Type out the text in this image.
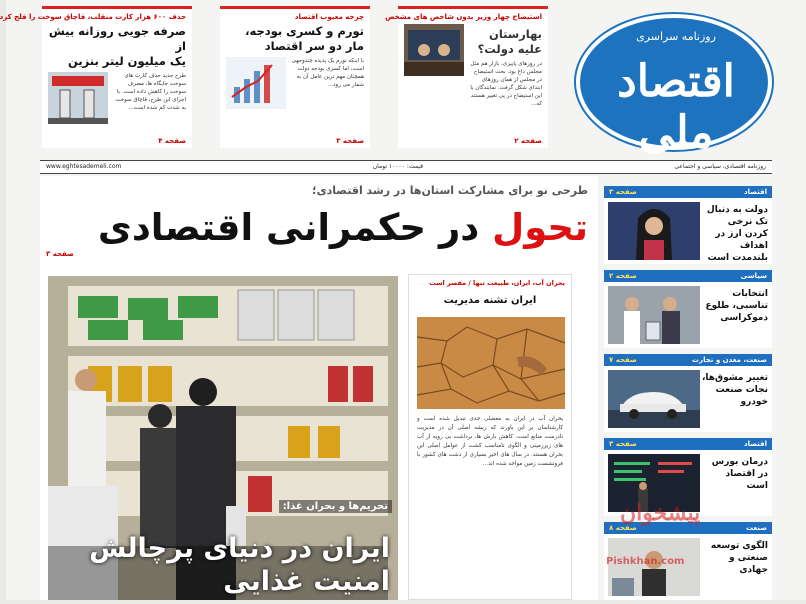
استیضاح چهار وزیر بدون شاخص های مشخص
بهارستان
علیه دولت؟
در روزهای پاییزی، بازار هم مثل مجلس داغ بود. بحث استیضاح در مجلس از همان روزهای ابتدای شکل گرفت. نمایندگان با این استیضاح در پی تغییر هستند که...
صفحه ۲
چرخه معیوب اقتصاد
تورم و کسری بودجه،
مار دو سر اقتصاد
با اینکه تورم یک پدیده چندوجهی است، اما کسری بودجه دولت همچنان مهم ترین عامل آن به شمار می رود...
صفحه ۳
حذف ۶۰۰ هزار کارت منقلب، قاچاق سوخت را فلج کرد
صرفه جویی روزانه بیش از
یک میلیون لیتر بنزین
طرح جدید حذف کارت های سوخت جایگاه ها، مصرف سوخت را کاهش داده است. با اجرای این طرح، قاچاق سوخت به شدت کم شده است...
صفحه ۴
روزنامه سراسری
اقتصاد ملی
روزنامه اقتصادی، سیاسی و اجتماعی
قیمت: ۱۰۰۰۰ تومان
www.eghtesademeli.com
طرحی نو برای مشارکت استان‌ها در رشد اقتصادی؛
تحول در حکمرانی اقتصادی
صفحه ۳
تحریم‌ها و بحران غذا:
ایران در دنیای پرچالش
امنیت غذایی
بحران آب، ایران، طبیعت تنها / مقصر است
ایران تشنه مدیریت
بحران آب در ایران به معضلی جدی تبدیل شده است و کارشناسان بر این باورند که ریشه اصلی آن در مدیریت نادرست منابع است. کاهش بارش ها، برداشت بی رویه از آب های زیرزمینی و الگوی نامناسب کشت از عوامل اصلی این بحران هستند. در سال های اخیر بسیاری از دشت های کشور با فرونشست زمین مواجه شده اند...
اقتصاد
صفحه ۳
دولت به دنبال تک نرخی کردن ارز در اهداف بلندمدت است
سیاسی
صفحه ۲
انتخابات تناسبی، طلوع دموکراسی
صنعت، معدن و تجارت
صفحه ۷
تغییر مشوق‌ها، نجات صنعت خودرو
اقتصاد
صفحه ۳
درمان بورس در اقتصاد است
صنعت
صفحه ۸
الگوی توسعه صنعتی و جهادی
پیشخوان
Pishkhan.com
